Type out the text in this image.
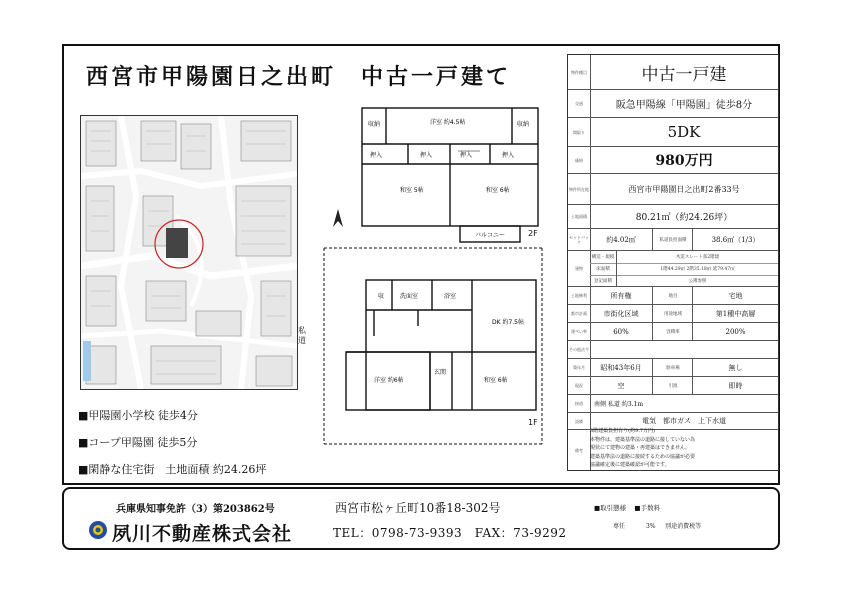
西宮市甲陽園日之出町　中古一戸建て
■甲陽園小学校 徒歩4分
■コープ甲陽園 徒歩5分
■閑静な住宅街　土地面積 約24.26坪
洋室 約4.5帖
和室 5帖	和室 6帖
収納
押入	押入	押入	押入
収納
バルコニー	2F
洗面室	浴室
収
DK 約7.5帖
洋室 約6帖	和室 6帖
玄関
1F
私道
物件種目	中古一戸建
交通	阪急甲陽線「甲陽園」徒歩8分
間取り	5DK
価格	980万円
物件所在地	西宮市甲陽園日之出町2番33号
土地面積	80.21㎡（約24.26坪）
セットバック	約4.02㎡	私道負担面積	38.6㎡（1/3）
建物
構造・規模	木造スレート葺2階建
床面積	1階44.29㎡ 2階35.18㎡ 延79.47㎡
登記面積	公簿参照
土地権利	所有権	地目	宅地
都市計画	市街化区域	用途地域	第1種中高層
建ぺい率	60%	容積率	200%
その他法令
築年月	昭和43年6月	駐車場	無し
現況	空	引渡	即時
接道	南側 私道 約3.1m
設備	電気　都市ガス　上下水道
備考
3階建築負担有り(約9.7万円)
本物件は、建築基準法の道路に接していない為
現状にて建物の建築・再建築はできません。
建築基準法の道路に接続するための協議が必要
協議確定後に建築確認が可能です。
兵庫県知事免許（3）第203862号
夙川不動産株式会社
西宮市松ヶ丘町10番18-302号
TEL：0798-73-9393　FAX：73-9292
■取引態様 ■手数料
専任	3% 別途消費税等
